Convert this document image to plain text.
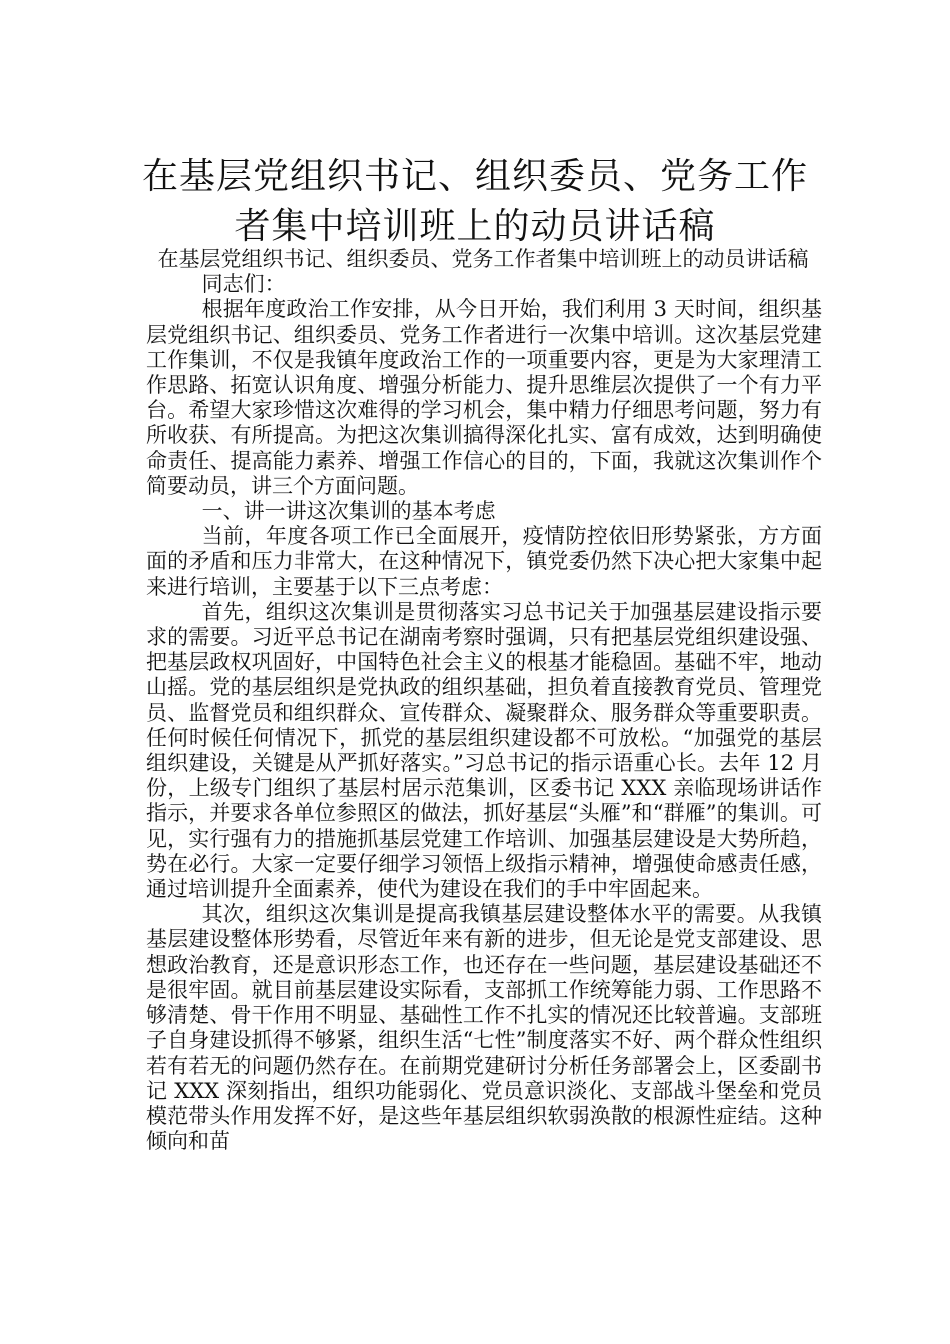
在基层党组织书记、组织委员、党务工作
者集中培训班上的动员讲话稿

在基层党组织书记、组织委员、党务工作者集中培训班上的动员讲话稿

同志们：

根据年度政治工作安排，从今日开始，我们利用 3 天时间，组织基层党组织书记、组织委员、党务工作者进行一次集中培训。这次基层党建工作集训，不仅是我镇年度政治工作的一项重要内容，更是为大家理清工作思路、拓宽认识角度、增强分析能力、提升思维层次提供了一个有力平台。希望大家珍惜这次难得的学习机会，集中精力仔细思考问题，努力有所收获、有所提高。为把这次集训搞得深化扎实、富有成效，达到明确使命责任、提高能力素养、增强工作信心的目的，下面，我就这次集训作个简要动员，讲三个方面问题。

一、讲一讲这次集训的基本考虑

当前，年度各项工作已全面展开，疫情防控依旧形势紧张，方方面面的矛盾和压力非常大，在这种情况下，镇党委仍然下决心把大家集中起来进行培训，主要基于以下三点考虑：

首先，组织这次集训是贯彻落实习总书记关于加强基层建设指示要求的需要。习近平总书记在湖南考察时强调，只有把基层党组织建设强、把基层政权巩固好，中国特色社会主义的根基才能稳固。基础不牢，地动山摇。党的基层组织是党执政的组织基础，担负着直接教育党员、管理党员、监督党员和组织群众、宣传群众、凝聚群众、服务群众等重要职责。任何时候任何情况下，抓党的基层组织建设都不可放松。“加强党的基层组织建设，关键是从严抓好落实。”习总书记的指示语重心长。去年 12 月份，上级专门组织了基层村居示范集训，区委书记 XXX 亲临现场讲话作指示，并要求各单位参照区的做法，抓好基层“头雁”和“群雁”的集训。可见，实行强有力的措施抓基层党建工作培训、加强基层建设是大势所趋，势在必行。大家一定要仔细学习领悟上级指示精神，增强使命感责任感，通过培训提升全面素养，使代为建设在我们的手中牢固起来。

其次，组织这次集训是提高我镇基层建设整体水平的需要。从我镇基层建设整体形势看，尽管近年来有新的进步，但无论是党支部建设、思想政治教育，还是意识形态工作，也还存在一些问题，基层建设基础还不是很牢固。就目前基层建设实际看，支部抓工作统筹能力弱、工作思路不够清楚、骨干作用不明显、基础性工作不扎实的情况还比较普遍。支部班子自身建设抓得不够紧，组织生活“七性”制度落实不好、两个群众性组织若有若无的问题仍然存在。在前期党建研讨分析任务部署会上，区委副书记 XXX 深刻指出，组织功能弱化、党员意识淡化、支部战斗堡垒和党员模范带头作用发挥不好，是这些年基层组织软弱涣散的根源性症结。这种倾向和苗
